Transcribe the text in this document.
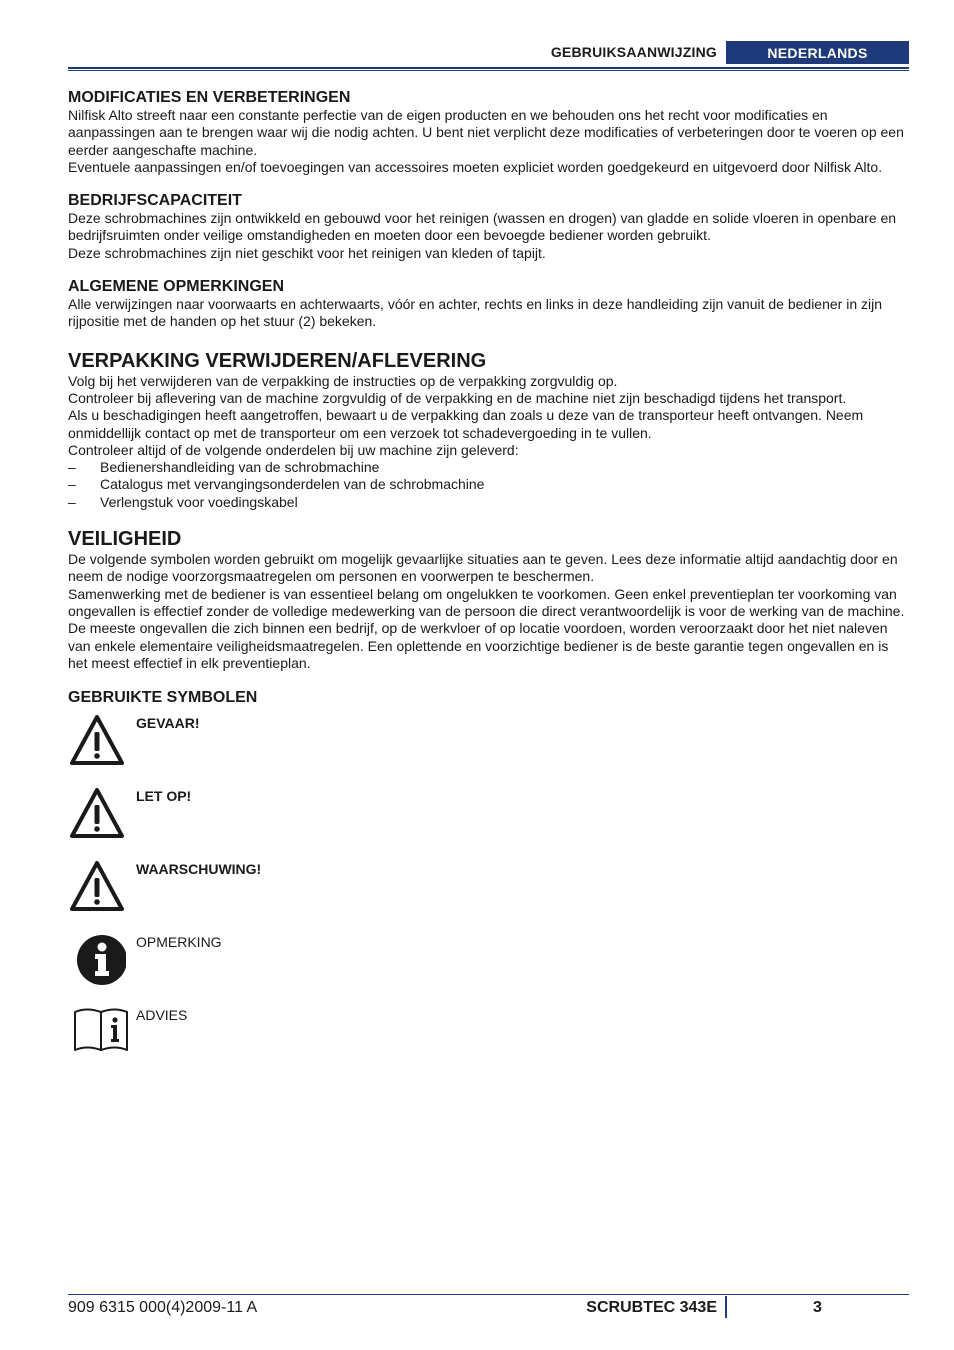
GEBRUIKSAANWIJZING	NEDERLANDS
MODIFICATIES EN VERBETERINGEN

Nilfisk Alto streeft naar een constante perfectie van de eigen producten en we behouden ons het recht voor modificaties en aanpassingen aan te brengen waar wij die nodig achten. U bent niet verplicht deze modificaties of verbeteringen door te voeren op een eerder aangeschafte machine.

Eventuele aanpassingen en/of toevoegingen van accessoires moeten expliciet worden goedgekeurd en uitgevoerd door Nilfisk Alto.

BEDRIJFSCAPACITEIT

Deze schrobmachines zijn ontwikkeld en gebouwd voor het reinigen (wassen en drogen) van gladde en solide vloeren in openbare en bedrijfsruimten onder veilige omstandigheden en moeten door een bevoegde bediener worden gebruikt.

Deze schrobmachines zijn niet geschikt voor het reinigen van kleden of tapijt.

ALGEMENE OPMERKINGEN

Alle verwijzingen naar voorwaarts en achterwaarts, vóór en achter, rechts en links in deze handleiding zijn vanuit de bediener in zijn rijpositie met de handen op het stuur (2) bekeken.

VERPAKKING VERWIJDEREN/AFLEVERING

Volg bij het verwijderen van de verpakking de instructies op de verpakking zorgvuldig op.

Controleer bij aflevering van de machine zorgvuldig of de verpakking en de machine niet zijn beschadigd tijdens het transport.

Als u beschadigingen heeft aangetroffen, bewaart u de verpakking dan zoals u deze van de transporteur heeft ontvangen. Neem onmiddellijk contact op met de transporteur om een verzoek tot schadevergoeding in te vullen.

Controleer altijd of de volgende onderdelen bij uw machine zijn geleverd:

– Bedienershandleiding van de schrobmachine
– Catalogus met vervangingsonderdelen van de schrobmachine
– Verlengstuk voor voedingskabel
VEILIGHEID

De volgende symbolen worden gebruikt om mogelijk gevaarlijke situaties aan te geven. Lees deze informatie altijd aandachtig door en neem de nodige voorzorgsmaatregelen om personen en voorwerpen te beschermen.

Samenwerking met de bediener is van essentieel belang om ongelukken te voorkomen. Geen enkel preventieplan ter voorkoming van ongevallen is effectief zonder de volledige medewerking van de persoon die direct verantwoordelijk is voor de werking van de machine. De meeste ongevallen die zich binnen een bedrijf, op de werkvloer of op locatie voordoen, worden veroorzaakt door het niet naleven van enkele elementaire veiligheidsmaatregelen. Een oplettende en voorzichtige bediener is de beste garantie tegen ongevallen en is het meest effectief in elk preventieplan.

GEBRUIKTE SYMBOLEN
GEVAAR!
LET OP!
WAARSCHUWING!
OPMERKING
ADVIES
909 6315 000(4)2009-11 A	SCRUBTEC 343E	3
